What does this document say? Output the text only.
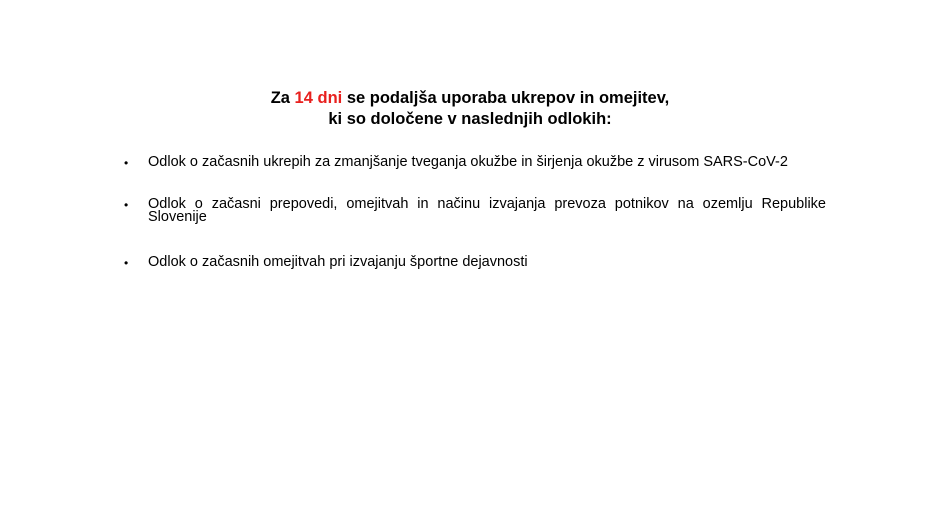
Za 14 dni se podaljša uporaba ukrepov in omejitev,
ki so določene v naslednjih odlokih:
• Odlok o začasnih ukrepih za zmanjšanje tveganja okužbe in širjenja okužbe z virusom SARS-CoV-2
• Odlok o začasni prepovedi, omejitvah in načinu izvajanja prevoza potnikov na ozemlju Republike Slovenije
• Odlok o začasnih omejitvah pri izvajanju športne dejavnosti
